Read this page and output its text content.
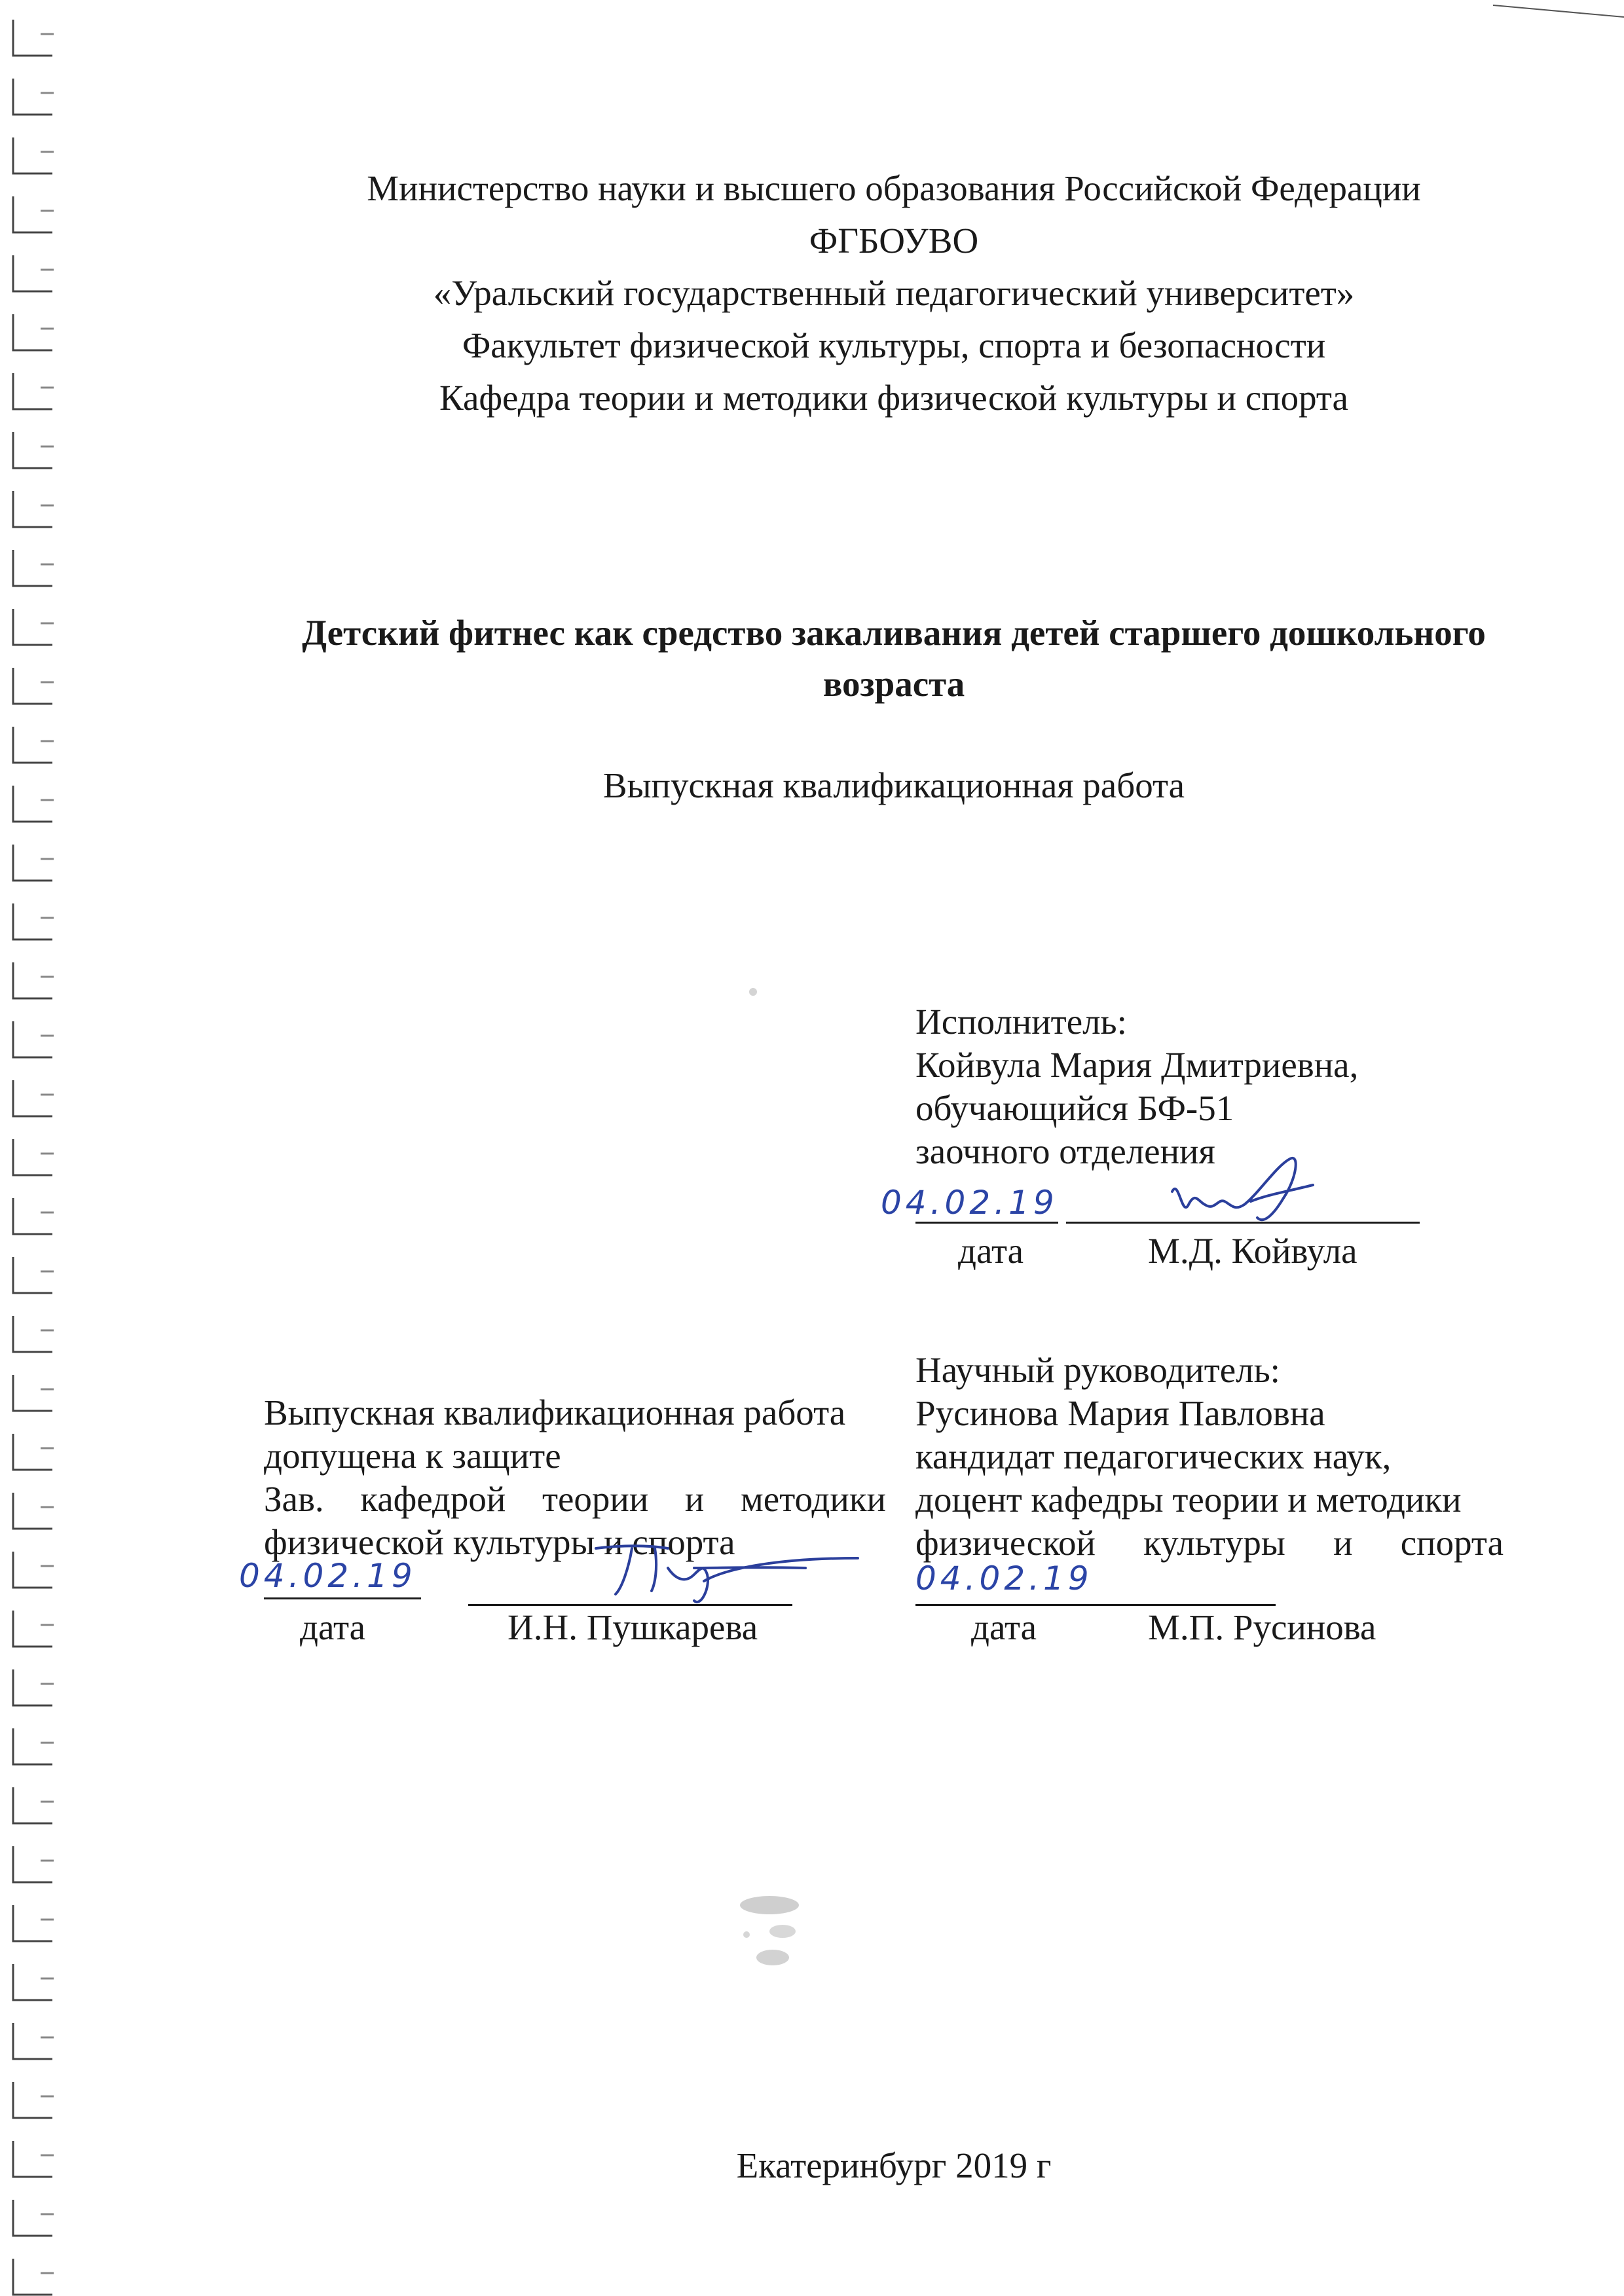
Министерство науки и высшего образования Российской Федерации
ФГБОУВО
«Уральский государственный педагогический университет»
Факультет физической культуры, спорта и безопасности
Кафедра теории и методики физической культуры и спорта
Детский фитнес как средство закаливания детей старшего дошкольного
возраста
Выпускная квалификационная работа
Исполнитель:
Койвула Мария Дмитриевна,
обучающийся БФ-51
заочного отделения
04.02.19
дата	М.Д. Койвула
Выпускная квалификационная работа
допущена к защите
Зав. кафедрой теории и методики
физической культуры и спорта
04.02.19
дата	И.Н. Пушкарева
Научный руководитель:
Русинова Мария Павловна
кандидат педагогических наук,
доцент кафедры теории и методики
физической культуры и спорта
04.02.19
дата	М.П. Русинова
Екатеринбург 2019 г
